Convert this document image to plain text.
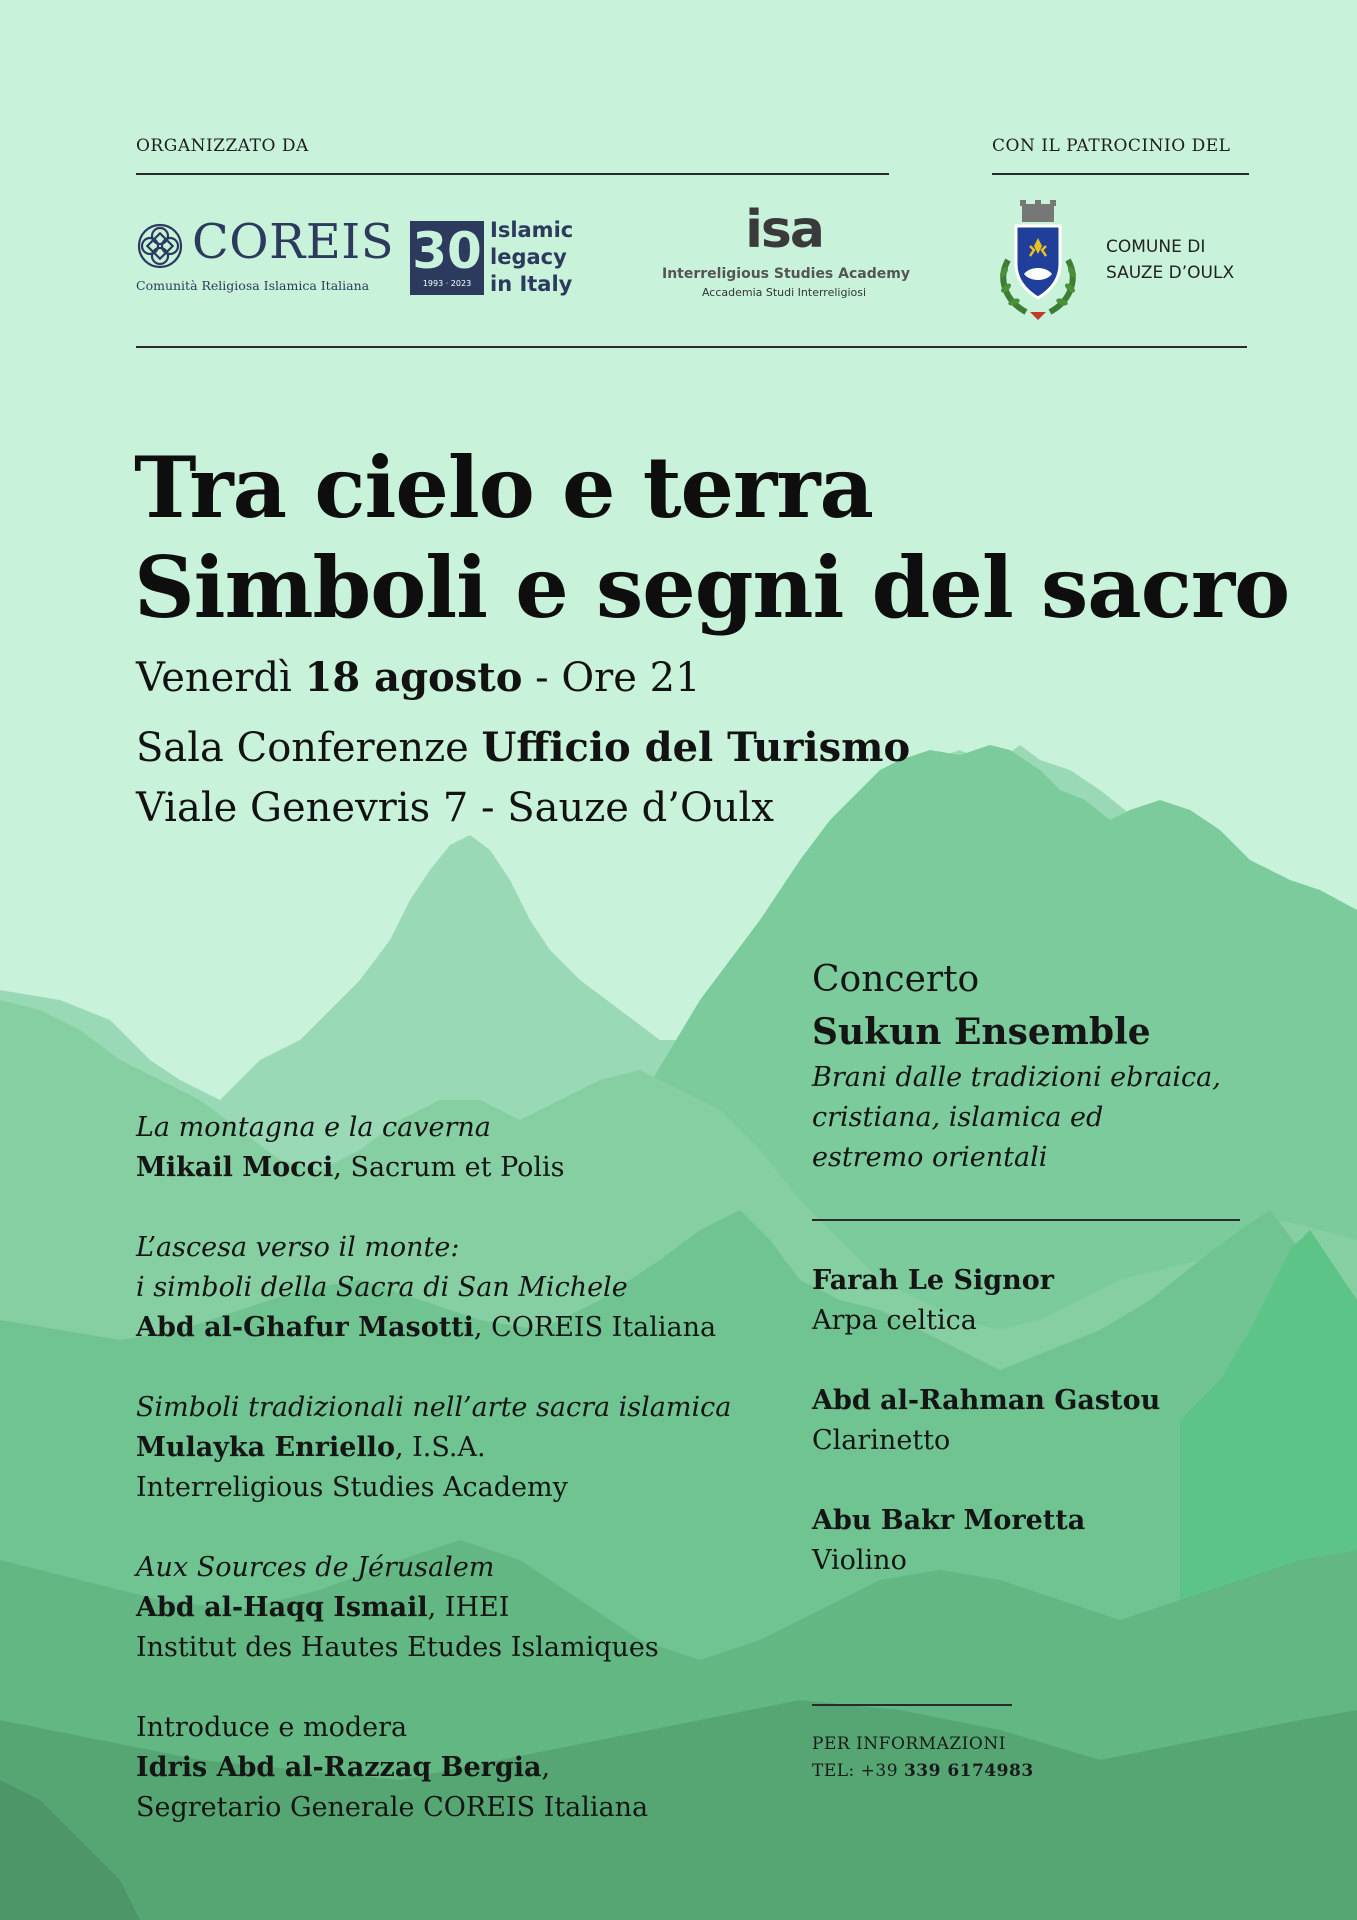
ORGANIZZATO DA	CON IL PATROCINIO DEL
COREIS
Comunità Religiosa Islamica Italiana
30
1993 · 2023
Islamic
legacy
in Italy
isa
Interreligious Studies Academy
Accademia Studi Interreligiosi
COMUNE DI
SAUZE D’OULX
Tra cielo e terra
Simboli e segni del sacro
Venerdì 18 agosto - Ore 21
Sala Conferenze Ufficio del Turismo
Viale Genevris 7 - Sauze d’Oulx
La montagna e la caverna
Mikail Mocci, Sacrum et Polis
L’ascesa verso il monte:
i simboli della Sacra di San Michele
Abd al-Ghafur Masotti, COREIS Italiana
Simboli tradizionali nell’arte sacra islamica
Mulayka Enriello, I.S.A.
Interreligious Studies Academy
Aux Sources de Jérusalem
Abd al-Haqq Ismail, IHEI
Institut des Hautes Etudes Islamiques
Introduce e modera
Idris Abd al-Razzaq Bergia,
Segretario Generale COREIS Italiana
Concerto
Sukun Ensemble
Brani dalle tradizioni ebraica,
cristiana, islamica ed
estremo orientali
Farah Le Signor
Arpa celtica
Abd al-Rahman Gastou
Clarinetto
Abu Bakr Moretta
Violino
PER INFORMAZIONI
TEL: +39 339 6174983
